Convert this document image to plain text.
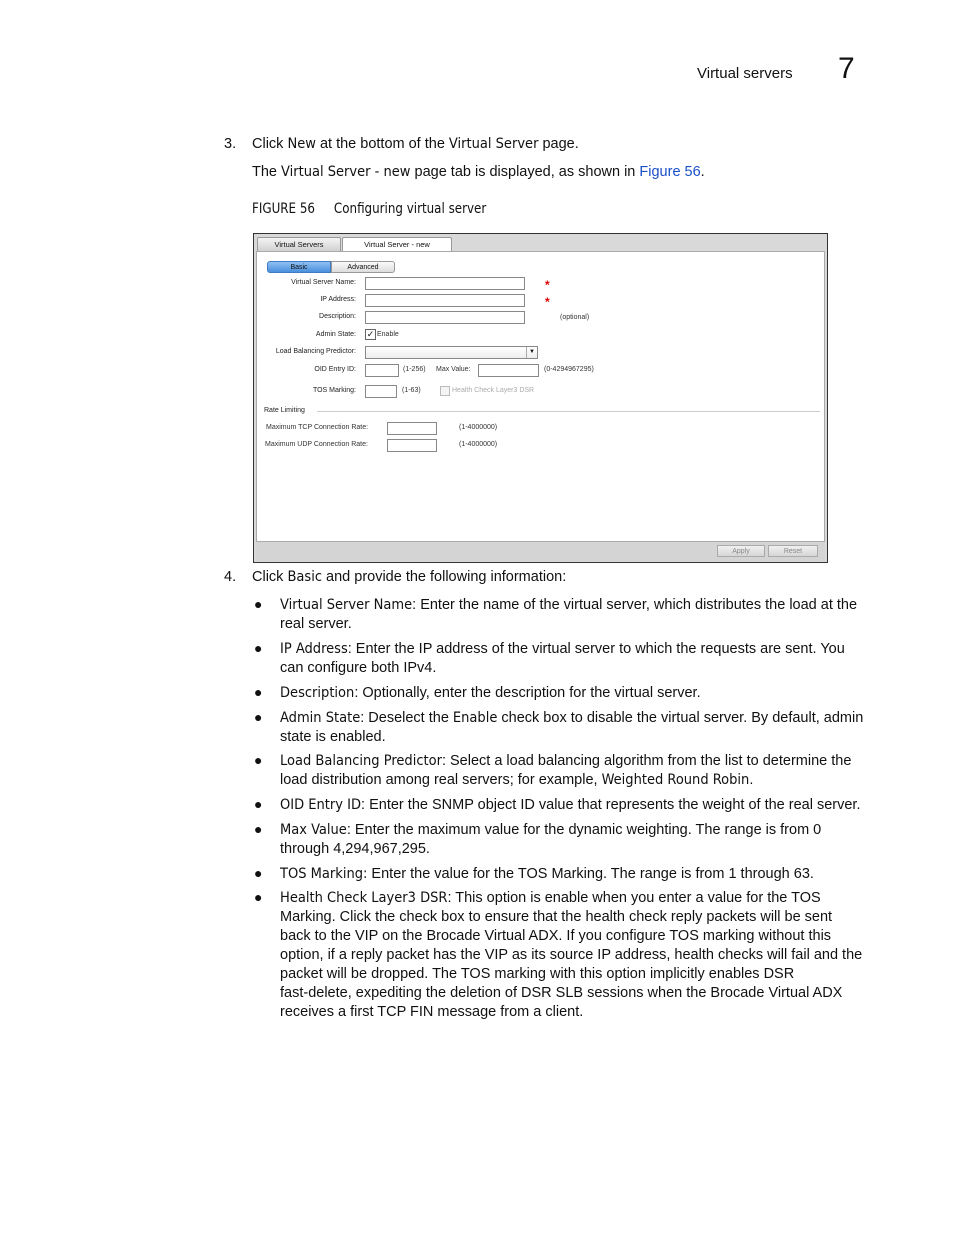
Virtual servers 7
3. Click New at the bottom of the Virtual Server page.
The Virtual Server - new page tab is displayed, as shown in Figure 56.
FIGURE 56 Configuring virtual server
Virtual Servers	Virtual Server - new
Basic	Advanced
Virtual Server Name:	*
IP Address:	*
Description:	(optional)
Admin State: ✓ Enable
Load Balancing Predictor:	▼
OID Entry ID:	(1-256) Max Value:	(0-4294967295)
TOS Marking:	(1-63)	Health Check Layer3 DSR
Rate Limiting
Maximum TCP Connection Rate:	(1-4000000)
Maximum UDP Connection Rate:	(1-4000000)
Apply	Reset
4. Click Basic and provide the following information:
● Virtual Server Name: Enter the name of the virtual server, which distributes the load at the
real server.
● IP Address: Enter the IP address of the virtual server to which the requests are sent. You
can configure both IPv4.
● Description: Optionally, enter the description for the virtual server.
● Admin State: Deselect the Enable check box to disable the virtual server. By default, admin
state is enabled.
● Load Balancing Predictor: Select a load balancing algorithm from the list to determine the
load distribution among real servers; for example, Weighted Round Robin.
● OID Entry ID: Enter the SNMP object ID value that represents the weight of the real server.
● Max Value: Enter the maximum value for the dynamic weighting. The range is from 0
through 4,294,967,295.
● TOS Marking: Enter the value for the TOS Marking. The range is from 1 through 63.
● Health Check Layer3 DSR: This option is enable when you enter a value for the TOS
Marking. Click the check box to ensure that the health check reply packets will be sent
back to the VIP on the Brocade Virtual ADX. If you configure TOS marking without this
option, if a reply packet has the VIP as its source IP address, health checks will fail and the
packet will be dropped. The TOS marking with this option implicitly enables DSR
fast-delete, expediting the deletion of DSR SLB sessions when the Brocade Virtual ADX
receives a first TCP FIN message from a client.
